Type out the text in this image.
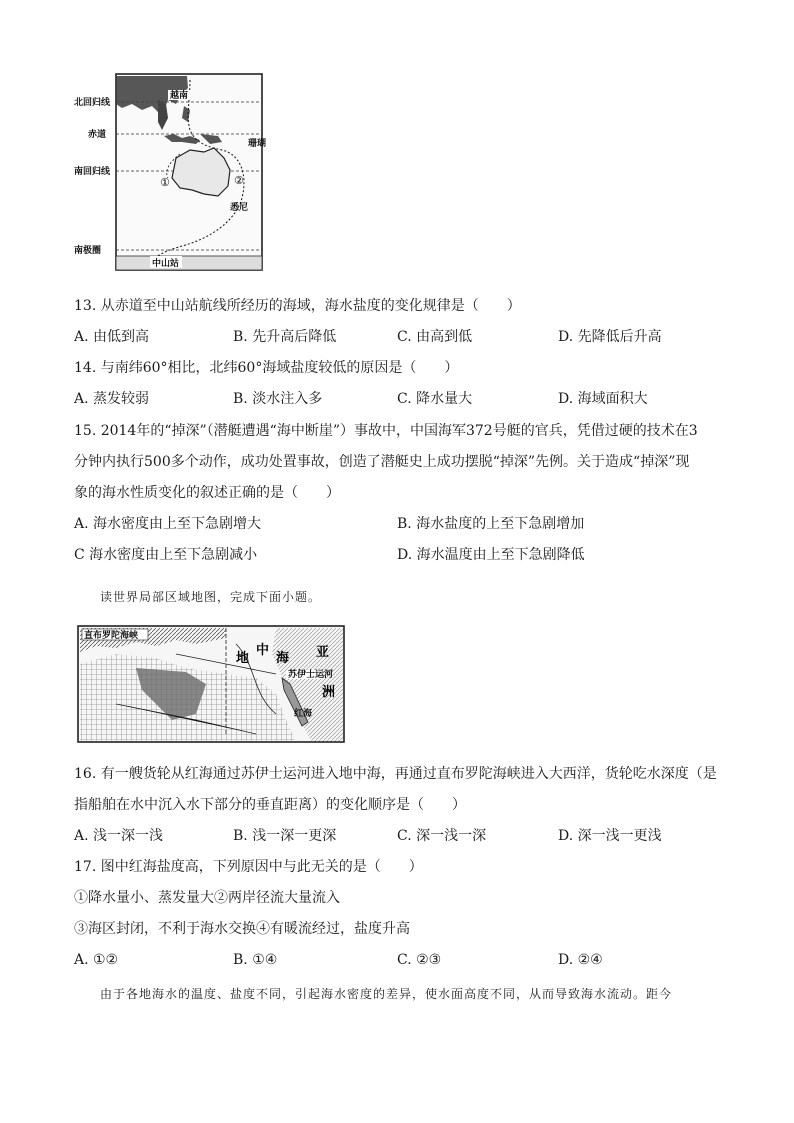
越南
珊瑚
悉尼
中山站
①	②
北回归线
赤道
南回归线
南极圈
13. 从赤道至中山站航线所经历的海域，海水盐度的变化规律是（　　）
A. 由低到高	B. 先升高后降低	C. 由高到低	D. 先降低后升高
14. 与南纬60°相比，北纬60°海域盐度较低的原因是（　　）
A. 蒸发较弱	B. 淡水注入多	C. 降水量大	D. 海域面积大
15. 2014年的“掉深”（潜艇遭遇“海中断崖”）事故中，中国海军372号艇的官兵，凭借过硬的技术在3
分钟内执行500多个动作，成功处置事故，创造了潜艇史上成功摆脱“掉深”先例。关于造成“掉深”现
象的海水性质变化的叙述正确的是（　　）
A. 海水密度由上至下急剧增大	B. 海水盐度的上至下急剧增加
C 海水密度由上至下急剧减小	D. 海水温度由上至下急剧降低
读世界局部区域地图，完成下面小题。
直布罗陀海峡
地
中
海 亚
洲
苏伊士运河
红海
16. 有一艘货轮从红海通过苏伊士运河进入地中海，再通过直布罗陀海峡进入大西洋，货轮吃水深度（是
指船舶在水中沉入水下部分的垂直距离）的变化顺序是（　　）
A. 浅一深一浅	B. 浅一深一更深	C. 深一浅一深	D. 深一浅一更浅
17. 图中红海盐度高，下列原因中与此无关的是（　　）
①降水量小、蒸发量大②两岸径流大量流入
③海区封闭，不利于海水交换④有暖流经过，盐度升高
A. ①②	B. ①④	C. ②③	D. ②④
由于各地海水的温度、盐度不同，引起海水密度的差异，使水面高度不同，从而导致海水流动。距今
